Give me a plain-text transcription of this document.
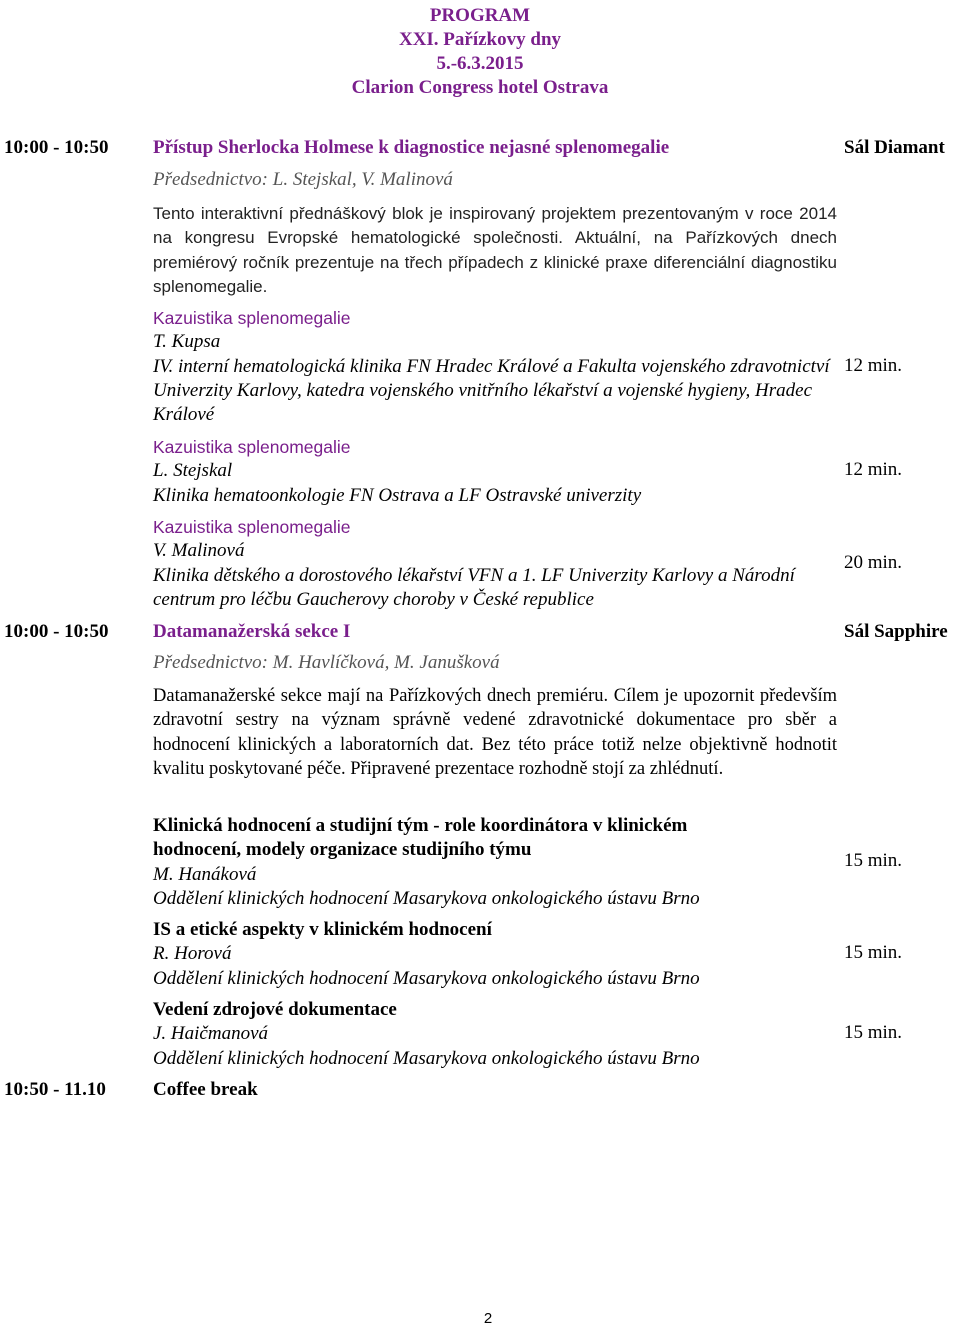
PROGRAM
XXI. Pařízkovy dny
5.-6.3.2015
Clarion Congress hotel Ostrava
10:00 - 10:50 Přístup Sherlocka Holmese k diagnostice nejasné splenomegalie	Sál Diamant
Předsednictvo: L. Stejskal, V. Malinová
Tento interaktivní přednáškový blok je inspirovaný projektem prezentovaným v roce 2014 na kongresu Evropské hematologické společnosti. Aktuální, na Pařízkových dnech premiérový ročník prezentuje na třech případech z klinické praxe diferenciální diagnostiku splenomegalie.
Kazuistika splenomegalie
T. Kupsa
IV. interní hematologická klinika FN Hradec Králové a Fakulta vojenského zdravotnictví Univerzity Karlovy, katedra vojenského vnitřního lékařství a vojenské hygieny, Hradec Králové
12 min.
Kazuistika splenomegalie
L. Stejskal
Klinika hematoonkologie FN Ostrava a LF Ostravské univerzity
12 min.
Kazuistika splenomegalie
V. Malinová
Klinika dětského a dorostového lékařství VFN a 1. LF Univerzity Karlovy a Národní centrum pro léčbu Gaucherovy choroby v České republice
20 min.
10:00 - 10:50 Datamanažerská sekce I	Sál Sapphire
Předsednictvo: M. Havlíčková, M. Janušková
Datamanažerské sekce mají na Pařízkových dnech premiéru. Cílem je upozornit především zdravotní sestry na význam správně vedené zdravotnické dokumentace pro sběr a hodnocení klinických a laboratorních dat. Bez této práce totiž nelze objektivně hodnotit kvalitu poskytované péče. Připravené prezentace rozhodně stojí za zhlédnutí.
Klinická hodnocení a studijní tým - role koordinátora v klinickém hodnocení, modely organizace studijního týmu
M. Hanáková
Oddělení klinických hodnocení Masarykova onkologického ústavu Brno
15 min.
IS a etické aspekty v klinickém hodnocení
R. Horová
Oddělení klinických hodnocení Masarykova onkologického ústavu Brno
15 min.
Vedení zdrojové dokumentace
J. Haičmanová
Oddělení klinických hodnocení Masarykova onkologického ústavu Brno
15 min.
10:50 - 11.10 Coffee break
2
